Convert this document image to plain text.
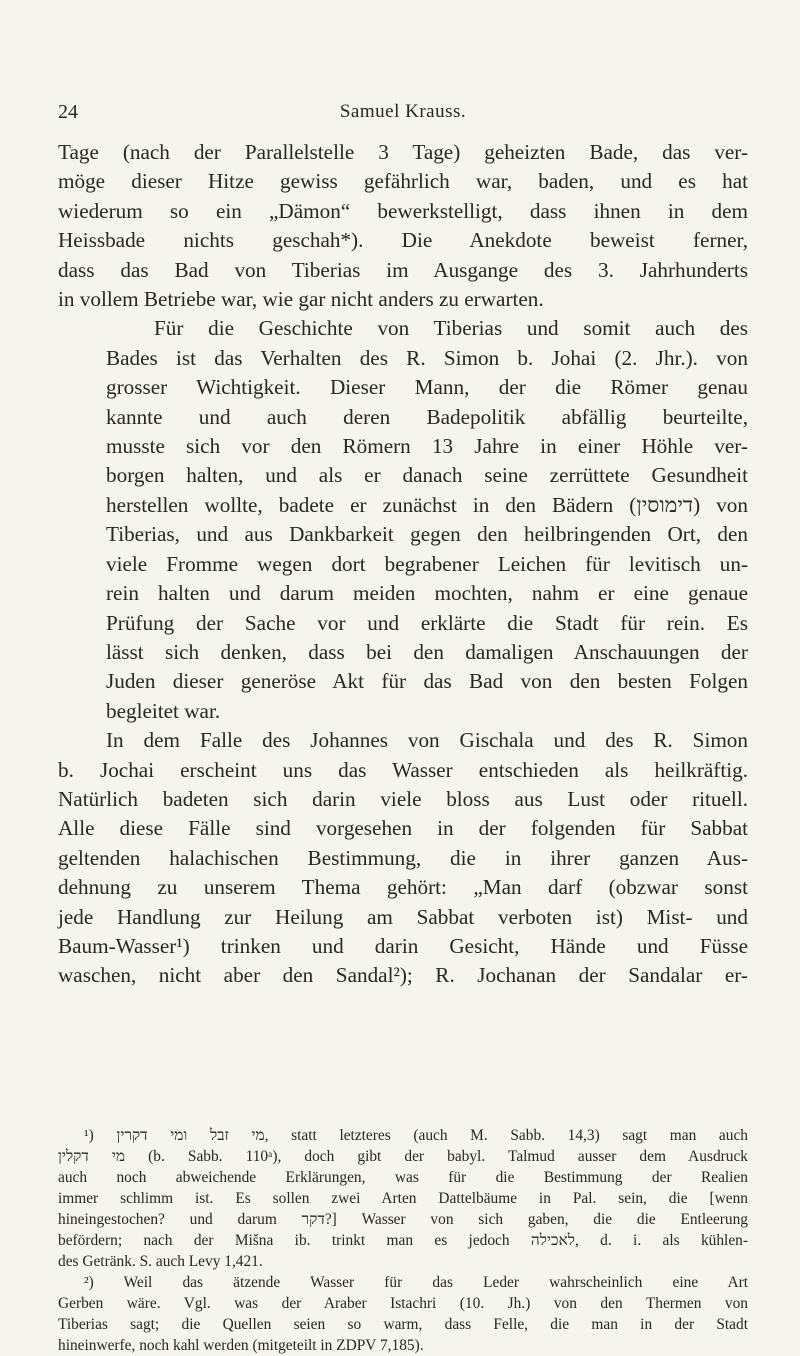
24	Samuel Krauss.

Tage (nach der Parallelstelle 3 Tage) geheizten Bade, das ver-
möge dieser Hitze gewiss gefährlich war, baden, und es hat
wiederum so ein „Dämon“ bewerkstelligt, dass ihnen in dem
Heissbade nichts geschah*). Die Anekdote beweist ferner,
dass das Bad von Tiberias im Ausgange des 3. Jahrhunderts
in vollem Betriebe war, wie gar nicht anders zu erwarten.

Für die Geschichte von Tiberias und somit auch des
Bades ist das Verhalten des R. Simon b. Johai (2. Jhr.). von
grosser Wichtigkeit. Dieser Mann, der die Römer genau
kannte und auch deren Badepolitik abfällig beurteilte,
musste sich vor den Römern 13 Jahre in einer Höhle ver-
borgen halten, und als er danach seine zerrüttete Gesundheit
herstellen wollte, badete er zunächst in den Bädern (דימוסין) von
Tiberias, und aus Dankbarkeit gegen den heilbringenden Ort, den
viele Fromme wegen dort begrabener Leichen für levitisch un-
rein halten und darum meiden mochten, nahm er eine genaue
Prüfung der Sache vor und erklärte die Stadt für rein. Es
lässt sich denken, dass bei den damaligen Anschauungen der
Juden dieser generöse Akt für das Bad von den besten Folgen
begleitet war.

In dem Falle des Johannes von Gischala und des R. Simon
b. Jochai erscheint uns das Wasser entschieden als heilkräftig.
Natürlich badeten sich darin viele bloss aus Lust oder rituell.
Alle diese Fälle sind vorgesehen in der folgenden für Sabbat
geltenden halachischen Bestimmung, die in ihrer ganzen Aus-
dehnung zu unserem Thema gehört: „Man darf (obzwar sonst
jede Handlung zur Heilung am Sabbat verboten ist) Mist- und
Baum-Wasser¹) trinken und darin Gesicht, Hände und Füsse
waschen, nicht aber den Sandal²); R. Jochanan der Sandalar er-

¹) מי זבל ומי דקרין, statt letzteres (auch M. Sabb. 14,3) sagt man auch
מי דקלין (b. Sabb. 110ᵃ), doch gibt der babyl. Talmud ausser dem Ausdruck
auch noch abweichende Erklärungen, was für die Bestimmung der Realien
immer schlimm ist. Es sollen zwei Arten Dattelbäume in Pal. sein, die [wenn
hineingestochen? und darum דקר?] Wasser von sich gaben, die die Entleerung
befördern; nach der Mišna ib. trinkt man es jedoch לאכילה, d. i. als kühlen-
des Getränk. S. auch Levy 1,421.
²) Weil das ätzende Wasser für das Leder wahrscheinlich eine Art
Gerben wäre. Vgl. was der Araber Istachri (10. Jh.) von den Thermen von
Tiberias sagt; die Quellen seien so warm, dass Felle, die man in der Stadt
hineinwerfe, noch kahl werden (mitgeteilt in ZDPV 7,185).
